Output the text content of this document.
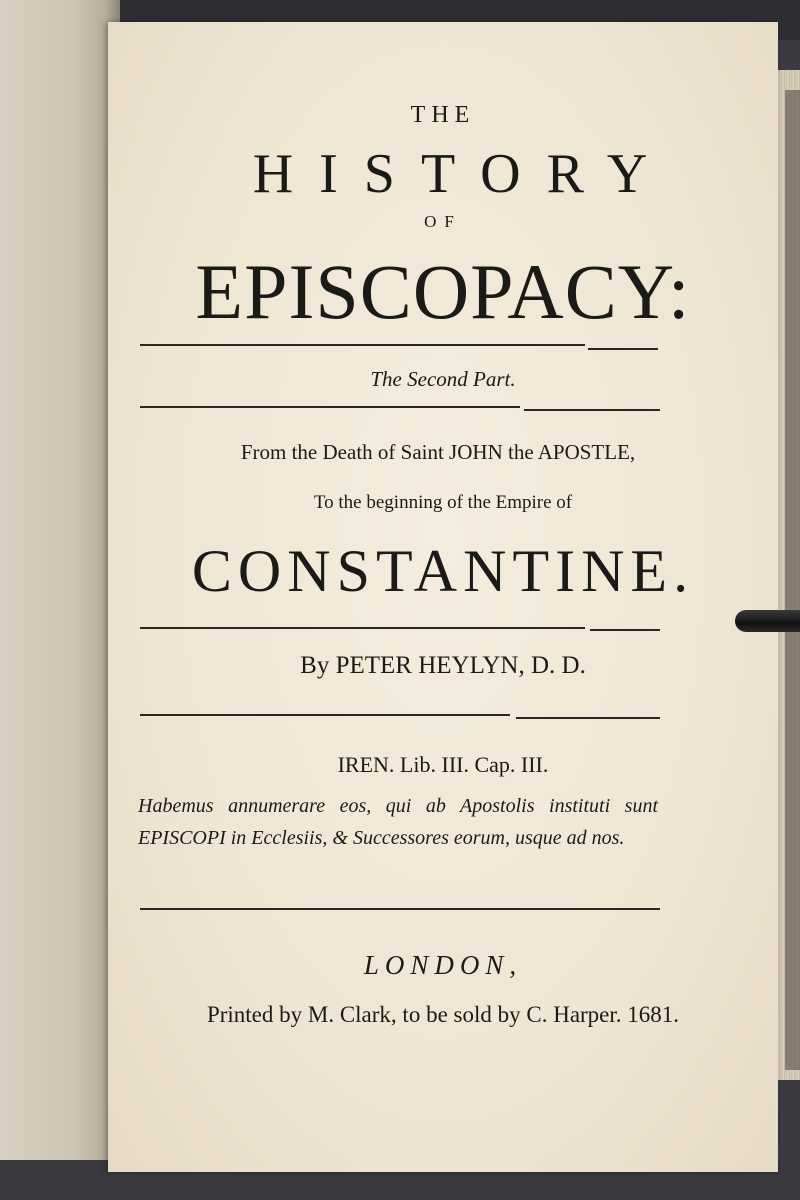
THE
HISTORY
OF
EPISCOPACY:
The Second Part.
From the Death of Saint JOHN the APOSTLE,
To the beginning of the Empire of
CONSTANTINE.
By PETER HEYLYN, D. D.
IREN. Lib. III. Cap. III.
Habemus annumerare eos, qui ab Apostolis instituti sunt EPISCOPI in Ecclesiis, & Successores eorum, usque ad nos.
LONDON,
Printed by M. Clark, to be sold by C. Harper. 1681.
